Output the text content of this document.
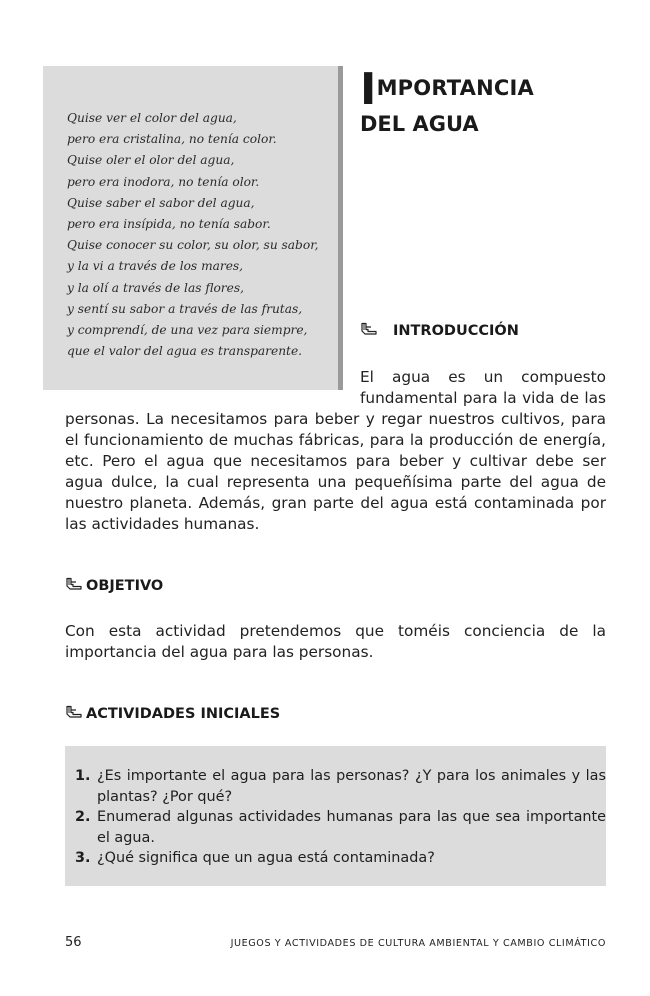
Quise ver el color del agua,
pero era cristalina, no tenía color.
Quise oler el olor del agua,
pero era inodora, no tenía olor.
Quise saber el sabor del agua,
pero era insípida, no tenía sabor.
Quise conocer su color, su olor, su sabor,
y la vi a través de los mares,
y la olí a través de las flores,
y sentí su sabor a través de las frutas,
y comprendí, de una vez para siempre,
que el valor del agua es transparente.
IMPORTANCIA
DEL AGUA
INTRODUCCIÓN

El agua es un compuesto fundamental para la vida de las

personas. La necesitamos para beber y regar nuestros cultivos, para el funcionamiento de muchas fábricas, para la producción de energía, etc. Pero el agua que necesitamos para beber y cultivar debe ser agua dulce, la cual representa una pequeñísima parte del agua de nuestro planeta. Además, gran parte del agua está contaminada por las actividades humanas.

OBJETIVO

Con esta actividad pretendemos que toméis conciencia de la importancia del agua para las personas.

ACTIVIDADES INICIALES
1. ¿Es importante el agua para las personas? ¿Y para los animales y las plantas? ¿Por qué?
2. Enumerad algunas actividades humanas para las que sea importante el agua.
3. ¿Qué significa que un agua está contaminada?
56	JUEGOS Y ACTIVIDADES DE CULTURA AMBIENTAL Y CAMBIO CLIMÁTICO
